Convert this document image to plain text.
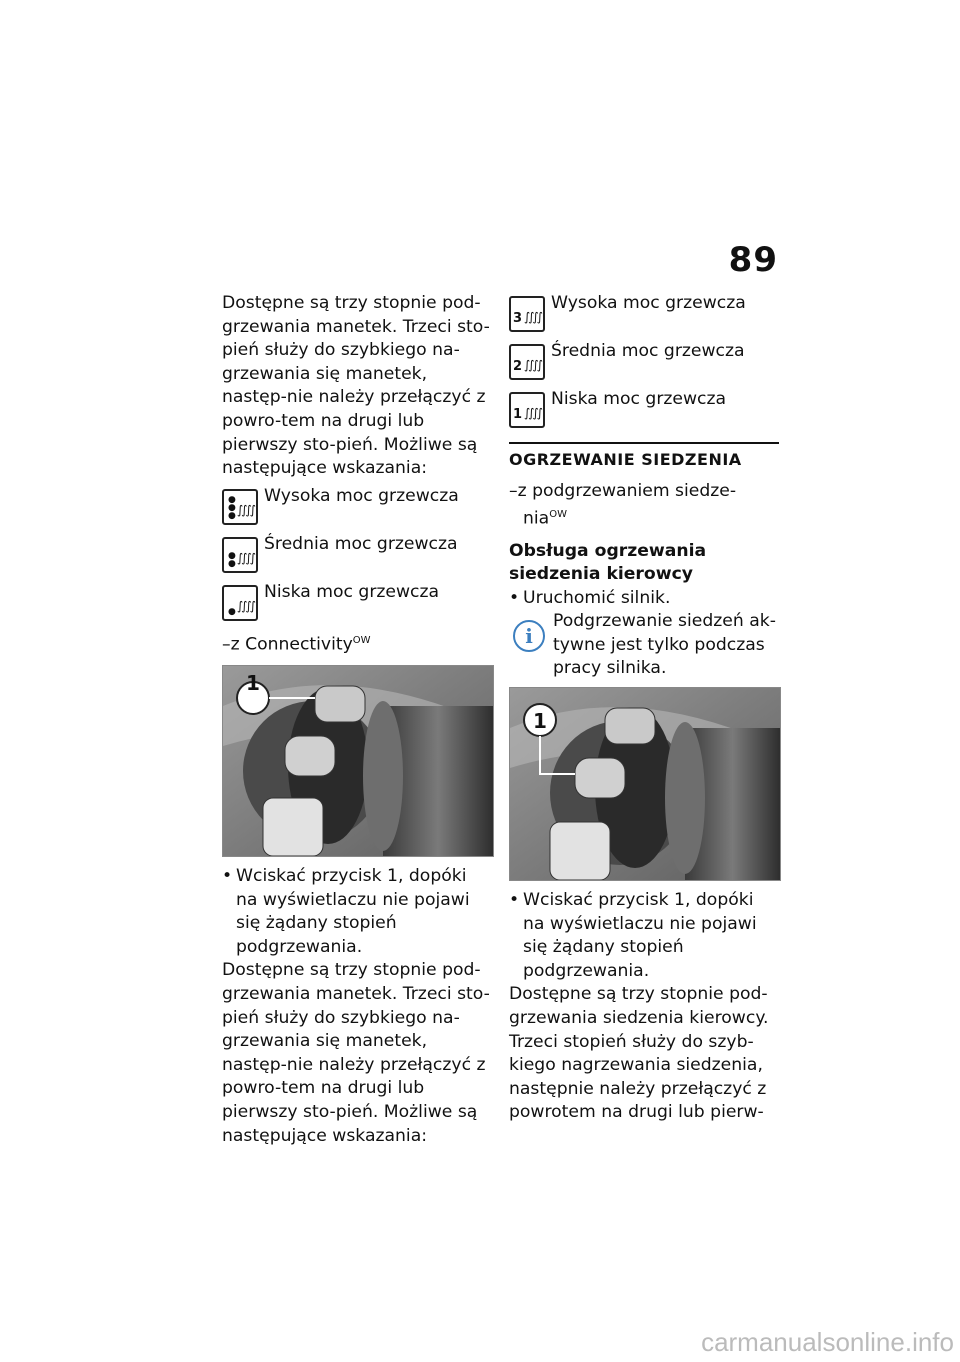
89

Dostępne są trzy stopnie pod-grzewania manetek. Trzeci sto-pień służy do szybkiego na-grzewania się manetek, następ-nie należy przełączyć z powro-tem na drugi lub pierwszy sto-pień. Możliwe są następujące wskazania:

●
●
● ∫∫∫∫
Wysoka moc grzewcza

●
● ∫∫∫∫
Średnia moc grzewcza

● ∫∫∫∫
Niska moc grzewcza

–z Connectivity$^{OW}$

1

• Wciskać przycisk 1, dopóki na wyświetlaczu nie pojawi się żądany stopień podgrzewania.

Dostępne są trzy stopnie pod-grzewania manetek. Trzeci sto-pień służy do szybkiego na-grzewania się manetek, następ-nie należy przełączyć z powro-tem na drugi lub pierwszy sto-pień. Możliwe są następujące wskazania:

3 ∫∫∫∫
Wysoka moc grzewcza
2 ∫∫∫∫
Średnia moc grzewcza
1 ∫∫∫∫
Niska moc grzewcza
OGRZEWANIE SIEDZENIA

–z podgrzewaniem siedze-nia$^{OW}$

Obsługa ogrzewania siedzenia kierowcy

• Uruchomić silnik.

i
Podgrzewanie siedzeń ak-tywne jest tylko podczas pracy silnika.
1

• Wciskać przycisk 1, dopóki na wyświetlaczu nie pojawi się żądany stopień podgrzewania.

Dostępne są trzy stopnie pod-grzewania siedzenia kierowcy. Trzeci stopień służy do szyb-kiego nagrzewania siedzenia, następnie należy przełączyć z powrotem na drugi lub pierw-

carmanualsonline.info
